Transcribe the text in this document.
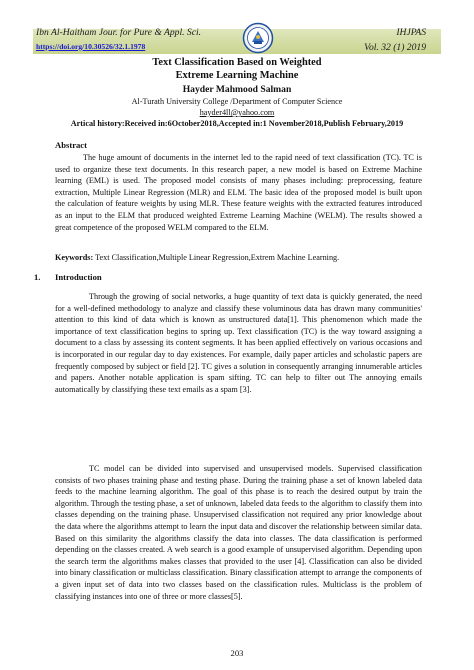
Ibn Al-Haitham Jour. for Pure & Appl. Sci.
https://doi.org/10.30526/32.1.1978
IHJPAS
Vol. 32 (1) 2019
Text Classification Based on Weighted
Extreme Learning Machine
Hayder Mahmood Salman
Al-Turath University College /Department of Computer Science
hayder4ll@yahoo.com
Artical history:Received in:6October2018,Accepted in:1 November2018,Publish February,2019
Abstract

The huge amount of documents in the internet led to the rapid need of text classification (TC). TC is used to organize these text documents. In this research paper, a new model is based on Extreme Machine learning (EML) is used. The proposed model consists of many phases including: preprocessing, feature extraction, Multiple Linear Regression (MLR) and ELM. The basic idea of the proposed model is built upon the calculation of feature weights by using MLR. These feature weights with the extracted features introduced as an input to the ELM that produced weighted Extreme Learning Machine (WELM). The results showed a great competence of the proposed WELM compared to the ELM.

Keywords: Text Classification,Multiple Linear Regression,Extrem Machine Learning.
1. Introduction

Through the growing of social networks, a huge quantity of text data is quickly generated, the need for a well-defined methodology to analyze and classify these voluminous data has drawn many communities' attention to this kind of data which is known as unstructured data[1]. This phenomenon which made the importance of text classification begins to spring up. Text classification (TC) is the way toward assigning a document to a class by assessing its content segments. It has been applied effectively on various occasions and is incorporated in our regular day to day existences. For example, daily paper articles and scholastic papers are frequently composed by subject or field [2]. TC gives a solution in consequently arranging innumerable articles and papers. Another notable application is spam sifting. TC can help to filter out The annoying emails automatically by classifying these text emails as a spam [3].

TC model can be divided into supervised and unsupervised models. Supervised classification consists of two phases training phase and testing phase. During the training phase a set of known labeled data feeds to the machine learning algorithm. The goal of this phase is to reach the desired output by train the algorithm. Through the testing phase, a set of unknown, labeled data feeds to the algorithm to classify them into classes depending on the training phase. Unsupervised classification not required any prior knowledge about the data where the algorithms attempt to learn the input data and discover the relationship between similar data. Based on this similarity the algorithms classify the data into classes. The data classification is performed depending on the classes created. A web search is a good example of unsupervised algorithm. Depending upon the search term the algorithms makes classes that provided to the user [4]. Classification can also be divided into binary classification or multiclass classification. Binary classification attempt to arrange the components of a given input set of data into two classes based on the classification rules. Multiclass is the problem of classifying instances into one of three or more classes[5].

203
